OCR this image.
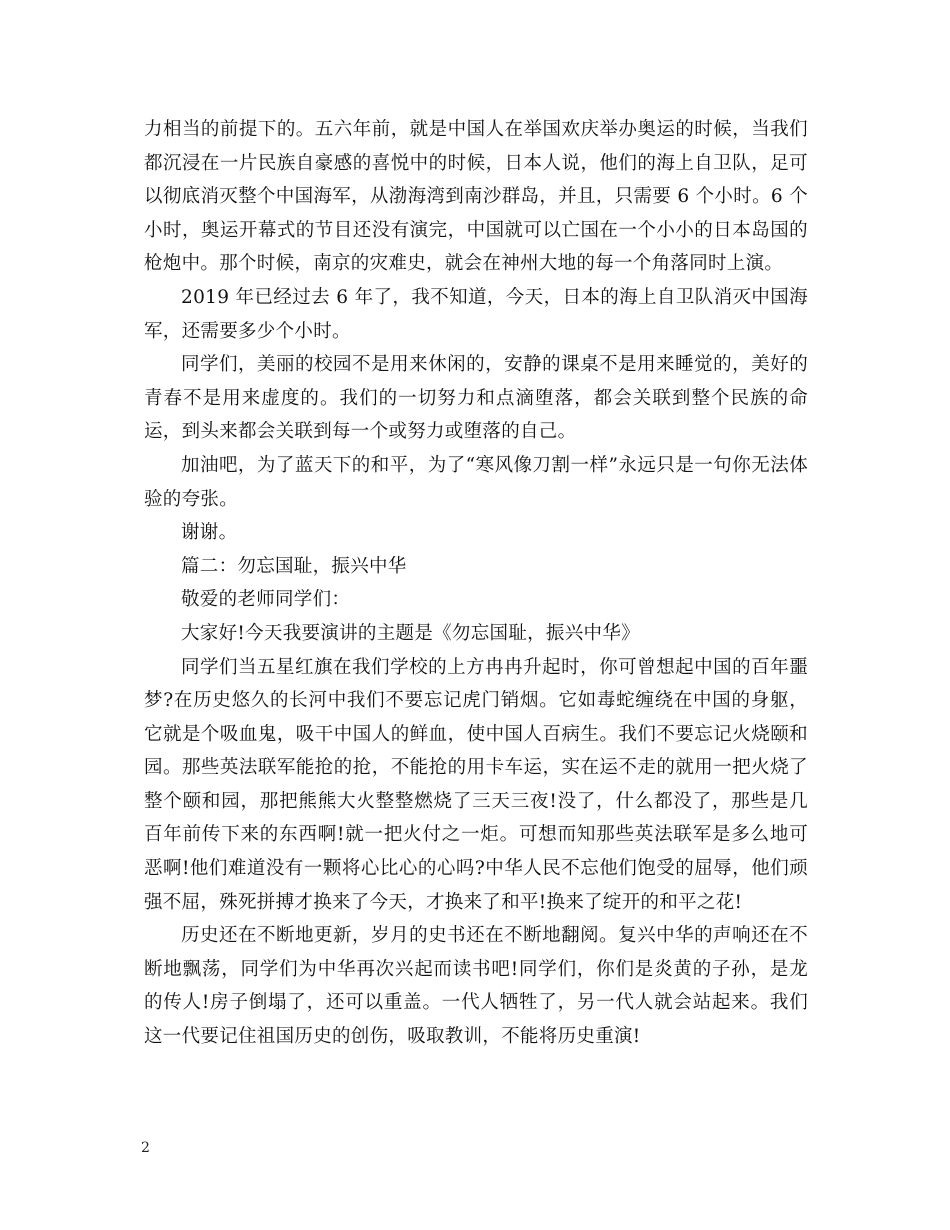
力相当的前提下的。五六年前，就是中国人在举国欢庆举办奥运的时候，当我们都沉浸在一片民族自豪感的喜悦中的时候，日本人说，他们的海上自卫队，足可以彻底消灭整个中国海军，从渤海湾到南沙群岛，并且，只需要 6 个小时。6 个小时，奥运开幕式的节目还没有演完，中国就可以亡国在一个小小的日本岛国的枪炮中。那个时候，南京的灾难史，就会在神州大地的每一个角落同时上演。

2019 年已经过去 6 年了，我不知道，今天，日本的海上自卫队消灭中国海军，还需要多少个小时。

同学们，美丽的校园不是用来休闲的，安静的课桌不是用来睡觉的，美好的青春不是用来虚度的。我们的一切努力和点滴堕落，都会关联到整个民族的命运，到头来都会关联到每一个或努力或堕落的自己。

加油吧，为了蓝天下的和平，为了“寒风像刀割一样”永远只是一句你无法体验的夸张。

谢谢。

篇二：勿忘国耻，振兴中华

敬爱的老师同学们：

大家好!今天我要演讲的主题是《勿忘国耻，振兴中华》

同学们当五星红旗在我们学校的上方冉冉升起时，你可曾想起中国的百年噩梦?在历史悠久的长河中我们不要忘记虎门销烟。它如毒蛇缠绕在中国的身躯，它就是个吸血鬼，吸干中国人的鲜血，使中国人百病生。我们不要忘记火烧颐和园。那些英法联军能抢的抢，不能抢的用卡车运，实在运不走的就用一把火烧了整个颐和园，那把熊熊大火整整燃烧了三天三夜!没了，什么都没了，那些是几百年前传下来的东西啊!就一把火付之一炬。可想而知那些英法联军是多么地可恶啊!他们难道没有一颗将心比心的心吗?中华人民不忘他们饱受的屈辱，他们顽强不屈，殊死拼搏才换来了今天，才换来了和平!换来了绽开的和平之花!

历史还在不断地更新，岁月的史书还在不断地翻阅。复兴中华的声响还在不断地飘荡，同学们为中华再次兴起而读书吧!同学们，你们是炎黄的子孙，是龙的传人!房子倒塌了，还可以重盖。一代人牺牲了，另一代人就会站起来。我们这一代要记住祖国历史的创伤，吸取教训，不能将历史重演!

2
